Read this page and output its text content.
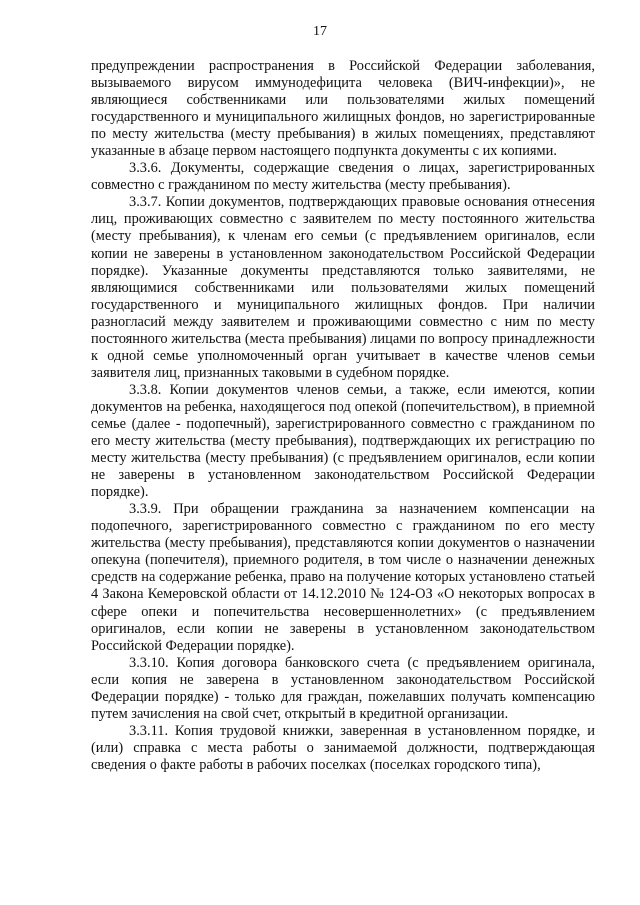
17

предупреждении распространения в Российской Федерации заболевания, вызываемого вирусом иммунодефицита человека (ВИЧ-инфекции)», не являющиеся собственниками или пользователями жилых помещений государственного и муниципального жилищных фондов, но зарегистрированные по месту жительства (месту пребывания) в жилых помещениях, представляют указанные в абзаце первом настоящего подпункта документы с их копиями.

3.3.6. Документы, содержащие сведения о лицах, зарегистрированных совместно с гражданином по месту жительства (месту пребывания).

3.3.7. Копии документов, подтверждающих правовые основания отнесения лиц, проживающих совместно с заявителем по месту постоянного жительства (месту пребывания), к членам его семьи (с предъявлением оригиналов, если копии не заверены в установленном законодательством Российской Федерации порядке). Указанные документы представляются только заявителями, не являющимися собственниками или пользователями жилых помещений государственного и муниципального жилищных фондов. При наличии разногласий между заявителем и проживающими совместно с ним по месту постоянного жительства (места пребывания) лицами по вопросу принадлежности к одной семье уполномоченный орган учитывает в качестве членов семьи заявителя лиц, признанных таковыми в судебном порядке.

3.3.8. Копии документов членов семьи, а также, если имеются, копии документов на ребенка, находящегося под опекой (попечительством), в приемной семье (далее - подопечный), зарегистрированного совместно с гражданином по его месту жительства (месту пребывания), подтверждающих их регистрацию по месту жительства (месту пребывания) (с предъявлением оригиналов, если копии не заверены в установленном законодательством Российской Федерации порядке).

3.3.9. При обращении гражданина за назначением компенсации на подопечного, зарегистрированного совместно с гражданином по его месту жительства (месту пребывания), представляются копии документов о назначении опекуна (попечителя), приемного родителя, в том числе о назначении денежных средств на содержание ребенка, право на получение которых установлено статьей 4 Закона Кемеровской области от 14.12.2010 № 124-ОЗ «О некоторых вопросах в сфере опеки и попечительства несовершеннолетних» (с предъявлением оригиналов, если копии не заверены в установленном законодательством Российской Федерации порядке).

3.3.10. Копия договора банковского счета (с предъявлением оригинала, если копия не заверена в установленном законодательством Российской Федерации порядке) - только для граждан, пожелавших получать компенсацию путем зачисления на свой счет, открытый в кредитной организации.

3.3.11. Копия трудовой книжки, заверенная в установленном порядке, и (или) справка с места работы о занимаемой должности, подтверждающая сведения о факте работы в рабочих поселках (поселках городского типа),
